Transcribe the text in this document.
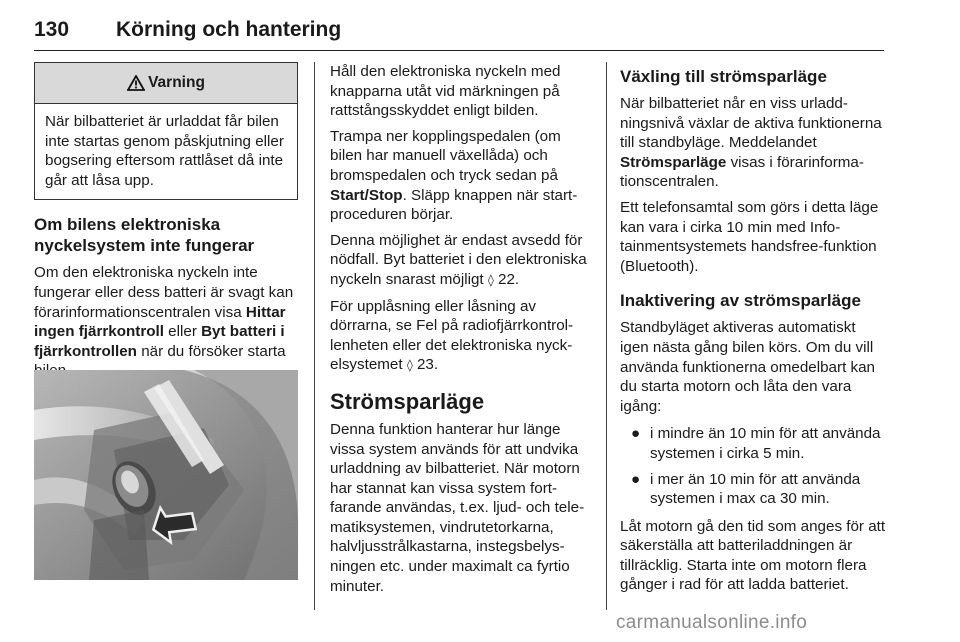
130 Körning och hantering
Varning
När bilbatteriet är urladdat får bilen inte startas genom påskjutning eller bogsering eftersom rattlåset då inte går att låsa upp.
Om bilens elektroniska nyckelsystem inte fungerar

Om den elektroniska nyckeln inte fungerar eller dess batteri är svagt kan förarinformationscentralen visa Hittar ingen fjärrkontroll eller Byt batteri i fjärrkontrollen när du försöker starta

Håll den elektroniska nyckeln med knapparna utåt vid märkningen på rattstångsskyddet enligt bilden.

Trampa ner kopplingspedalen (om bilen har manuell växellåda) och bromspedalen och tryck sedan på Start/Stop. Släpp knappen när startproceduren börjar.

Denna möjlighet är endast avsedd för nödfall. Byt batteriet i den elektroniska nyckeln snarast möjligt ◊ 22.

För upplåsning eller låsning av dörrarna, se Fel på radiofjärrkontrollenheten eller det elektroniska nyckelsystemet ◊ 23.

Strömsparläge

Denna funktion hanterar hur länge vissa system används för att undvika urladdning av bilbatteriet. När motorn har stannat kan vissa system fortfarande användas, t.ex. ljud- och telematiksystemen, vindrutetorkarna, halvljusstrålkastarna, instegsbelysningen etc. under maximalt ca fyrtio minuter.

Växling till strömsparläge

När bilbatteriet når en viss urladdningsnivå växlar de aktiva funktionerna till standbyläge. Meddelandet Strömsparläge visas i förarinformationscentralen.

Ett telefonsamtal som görs i detta läge kan vara i cirka 10 min med Infotainmentsystemets handsfree-funktion (Bluetooth).

Inaktivering av strömsparläge

Standbyläget aktiveras automatiskt igen nästa gång bilen körs. Om du vill använda funktionerna omedelbart kan du starta motorn och låta den vara igång:

● i mindre än 10 min för att använda systemen i cirka 5 min.
● i mer än 10 min för att använda systemen i max ca 30 min.

Låt motorn gå den tid som anges för att säkerställa att batteriladdningen är tillräcklig. Starta inte om motorn flera gånger i rad för att ladda batteriet.

carmanualsonline.info
